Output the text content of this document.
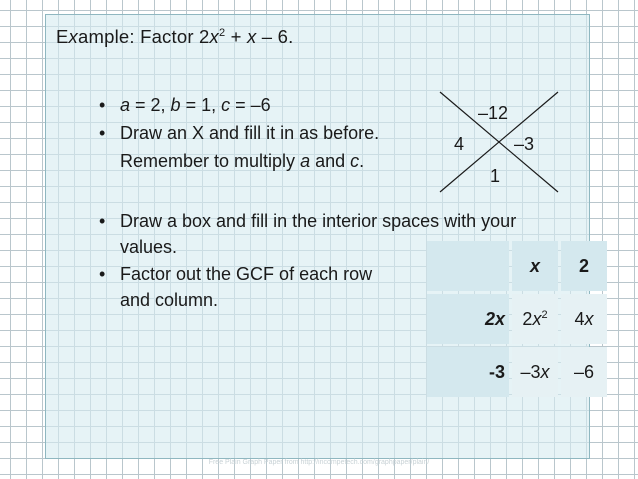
Example: Factor $2x^2 + x - 6$.
• a = 2, b = 1, c = –6
• Draw an X and fill it in as before.
Remember to multiply a and c.
–12
4	–3
1
• Draw a box and fill in the interior spaces with your values.
• Factor out the GCF of each row
and column.
	x	2
2x	$2x^2$	4x
-3	–3x	–6
Free Plain Graph Paper from http://incompetech.com/graphpaper/plain/
